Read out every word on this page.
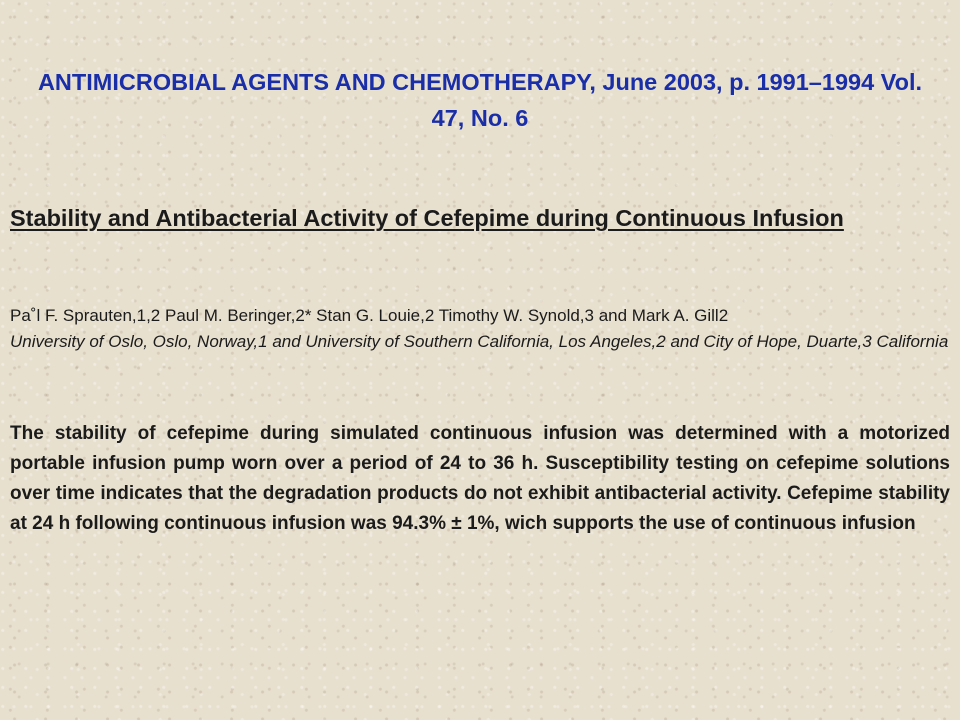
ANTIMICROBIAL AGENTS AND CHEMOTHERAPY, June 2003, p. 1991–1994 Vol. 47, No. 6
Stability and Antibacterial Activity of Cefepime during Continuous Infusion
Pa˚l F. Sprauten,1,2 Paul M. Beringer,2* Stan G. Louie,2 Timothy W. Synold,3 and Mark A. Gill2
University of Oslo, Oslo, Norway,1 and University of Southern California, Los Angeles,2 and City of Hope, Duarte,3 California
The stability of cefepime during simulated continuous infusion was determined with a motorized portable infusion pump worn over a period of 24 to 36 h. Susceptibility testing on cefepime solutions over time indicates that the degradation products do not exhibit antibacterial activity. Cefepime stability at 24 h following continuous infusion was 94.3% ± 1%, wich supports the use of continuous infusion
